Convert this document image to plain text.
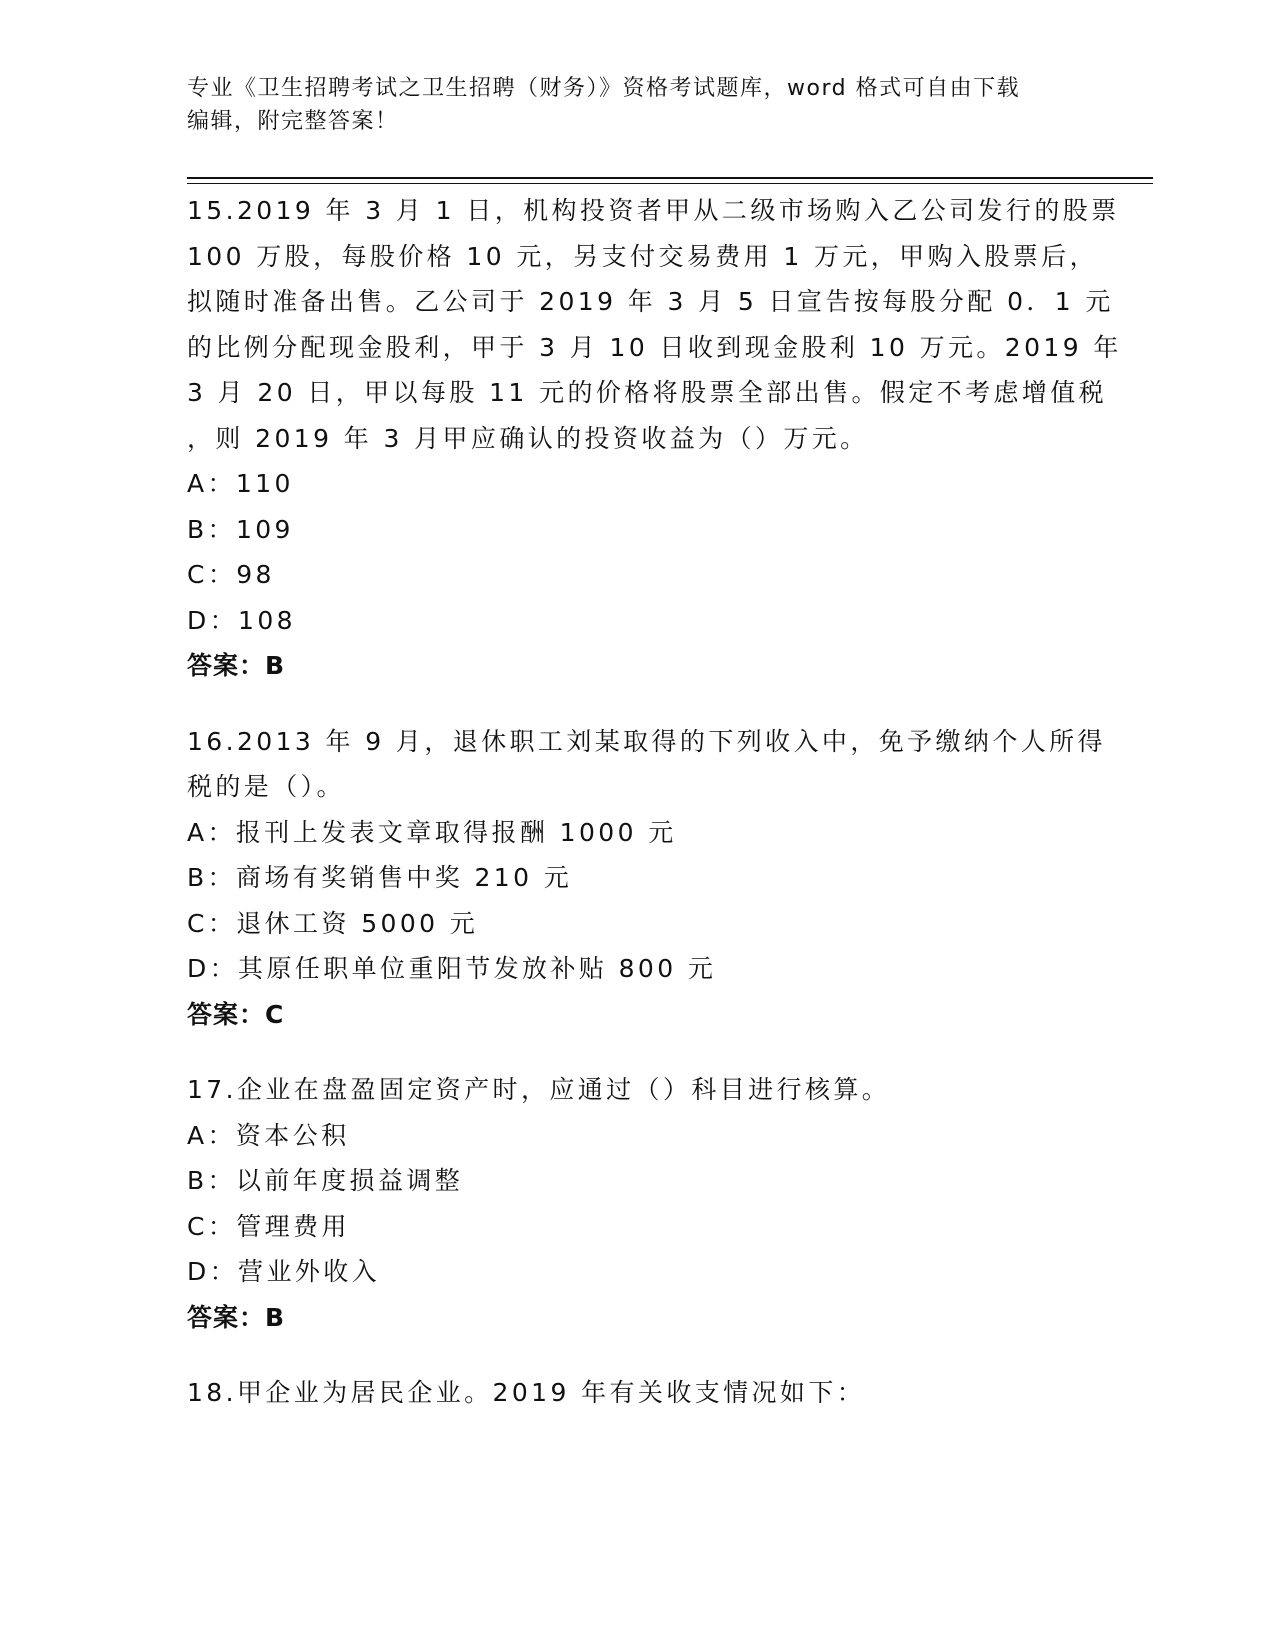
专业《卫生招聘考试之卫生招聘（财务）》资格考试题库，word 格式可自由下载
编辑，附完整答案！
15.2019 年 3 月 1 日，机构投资者甲从二级市场购入乙公司发行的股票
100 万股，每股价格 10 元，另支付交易费用 1 万元，甲购入股票后，
拟随时准备出售。乙公司于 2019 年 3 月 5 日宣告按每股分配 0．1 元
的比例分配现金股利，甲于 3 月 10 日收到现金股利 10 万元。2019 年
3 月 20 日，甲以每股 11 元的价格将股票全部出售。假定不考虑增值税
，则 2019 年 3 月甲应确认的投资收益为（）万元。
A：110
B：109
C：98
D：108
答案：B
16.2013 年 9 月，退休职工刘某取得的下列收入中，免予缴纳个人所得
税的是（）。
A：报刊上发表文章取得报酬 1000 元
B：商场有奖销售中奖 210 元
C：退休工资 5000 元
D：其原任职单位重阳节发放补贴 800 元
答案：C
17.企业在盘盈固定资产时，应通过（）科目进行核算。
A：资本公积
B：以前年度损益调整
C：管理费用
D：营业外收入
答案：B
18.甲企业为居民企业。2019 年有关收支情况如下：
